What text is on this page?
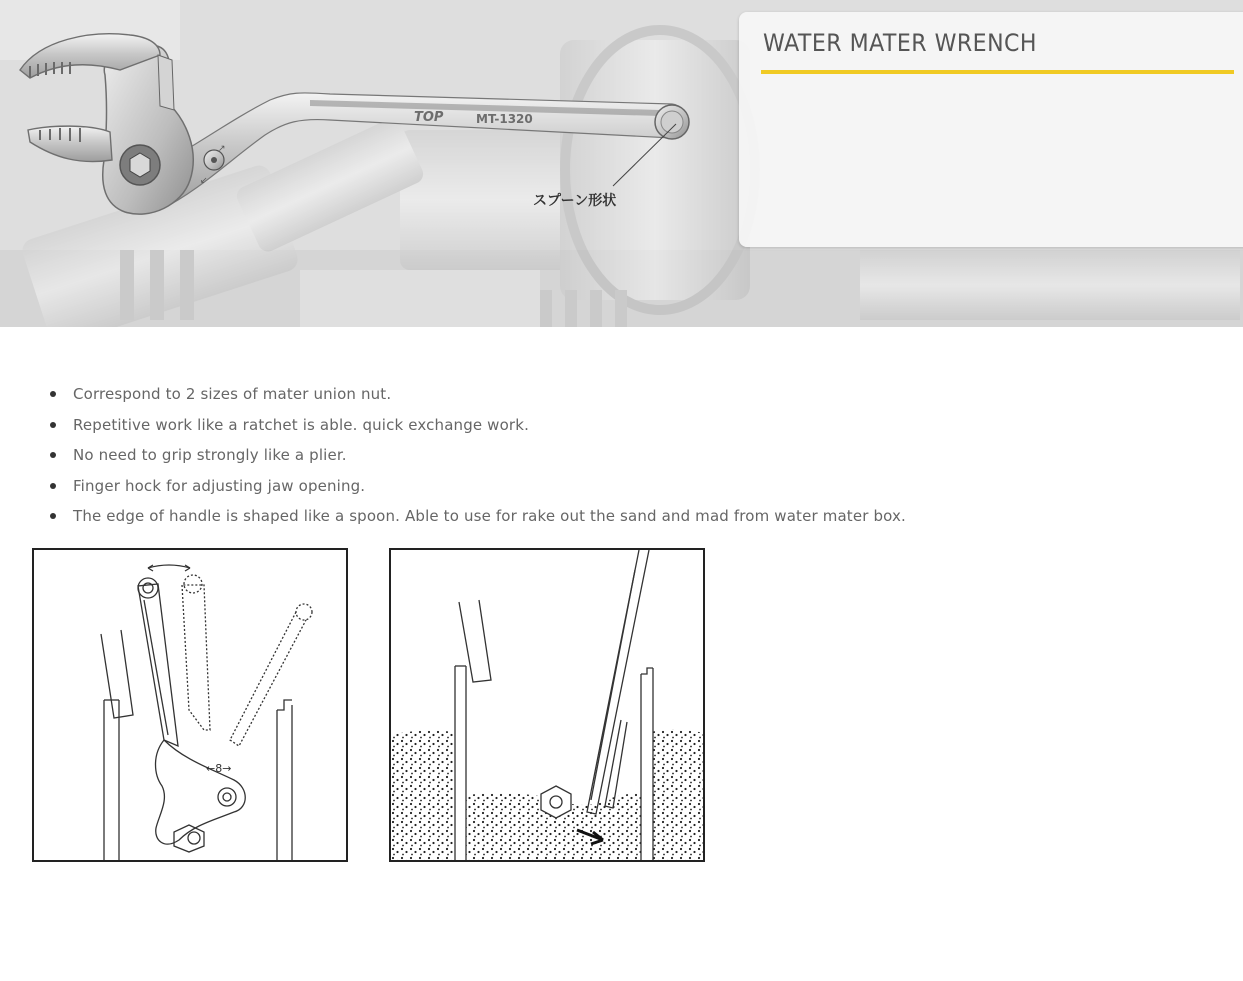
↗
↙
TOP	MT-1320
スプーン形状
WATER MATER WRENCH
Correspond to 2 sizes of mater union nut.
Repetitive work like a ratchet is able. quick exchange work.
No need to grip strongly like a plier.
Finger hock for adjusting jaw opening.
The edge of handle is shaped like a spoon. Able to use for rake out the sand and mad from water mater box.
←8→
